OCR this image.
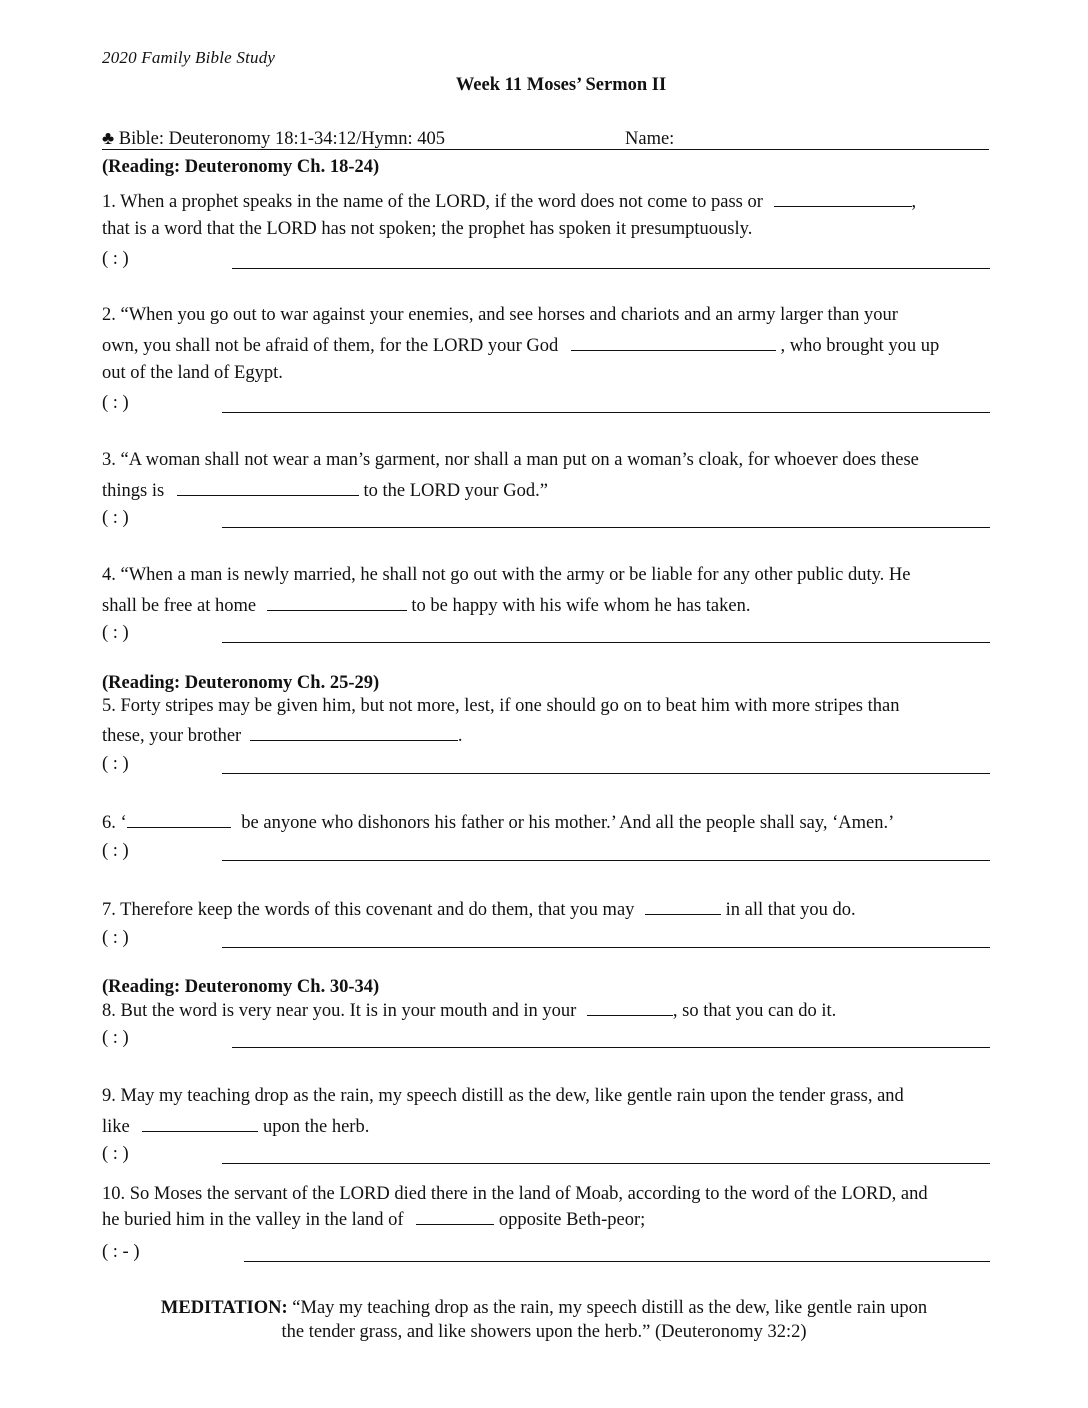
2020 Family Bible Study
Week 11 Moses’ Sermon II
♣ Bible: Deuteronomy 18:1-34:12/Hymn: 405	Name:
(Reading: Deuteronomy Ch. 18-24)
1. When a prophet speaks in the name of the LORD, if the word does not come to pass or	,
that is a word that the LORD has not spoken; the prophet has spoken it presumptuously.
( : )
2. “When you go out to war against your enemies, and see horses and chariots and an army larger than your
own, you shall not be afraid of them, for the LORD your God	, who brought you up
out of the land of Egypt.
( : )
3. “A woman shall not wear a man’s garment, nor shall a man put on a woman’s cloak, for whoever does these
things is	to the LORD your God.”
( : )
4. “When a man is newly married, he shall not go out with the army or be liable for any other public duty. He
shall be free at home	to be happy with his wife whom he has taken.
( : )
(Reading: Deuteronomy Ch. 25-29)
5. Forty stripes may be given him, but not more, lest, if one should go on to beat him with more stripes than
these, your brother	.
( : )
6. ‘	be anyone who dishonors his father or his mother.’ And all the people shall say, ‘Amen.’
( : )
7. Therefore keep the words of this covenant and do them, that you may	in all that you do.
( : )
(Reading: Deuteronomy Ch. 30-34)
8. But the word is very near you. It is in your mouth and in your	, so that you can do it.
( : )
9. May my teaching drop as the rain, my speech distill as the dew, like gentle rain upon the tender grass, and
like	upon the herb.
( : )
10. So Moses the servant of the LORD died there in the land of Moab, according to the word of the LORD, and
he buried him in the valley in the land of	opposite Beth-peor;
( : - )
MEDITATION: “May my teaching drop as the rain, my speech distill as the dew, like gentle rain upon
the tender grass, and like showers upon the herb.” (Deuteronomy 32:2)
